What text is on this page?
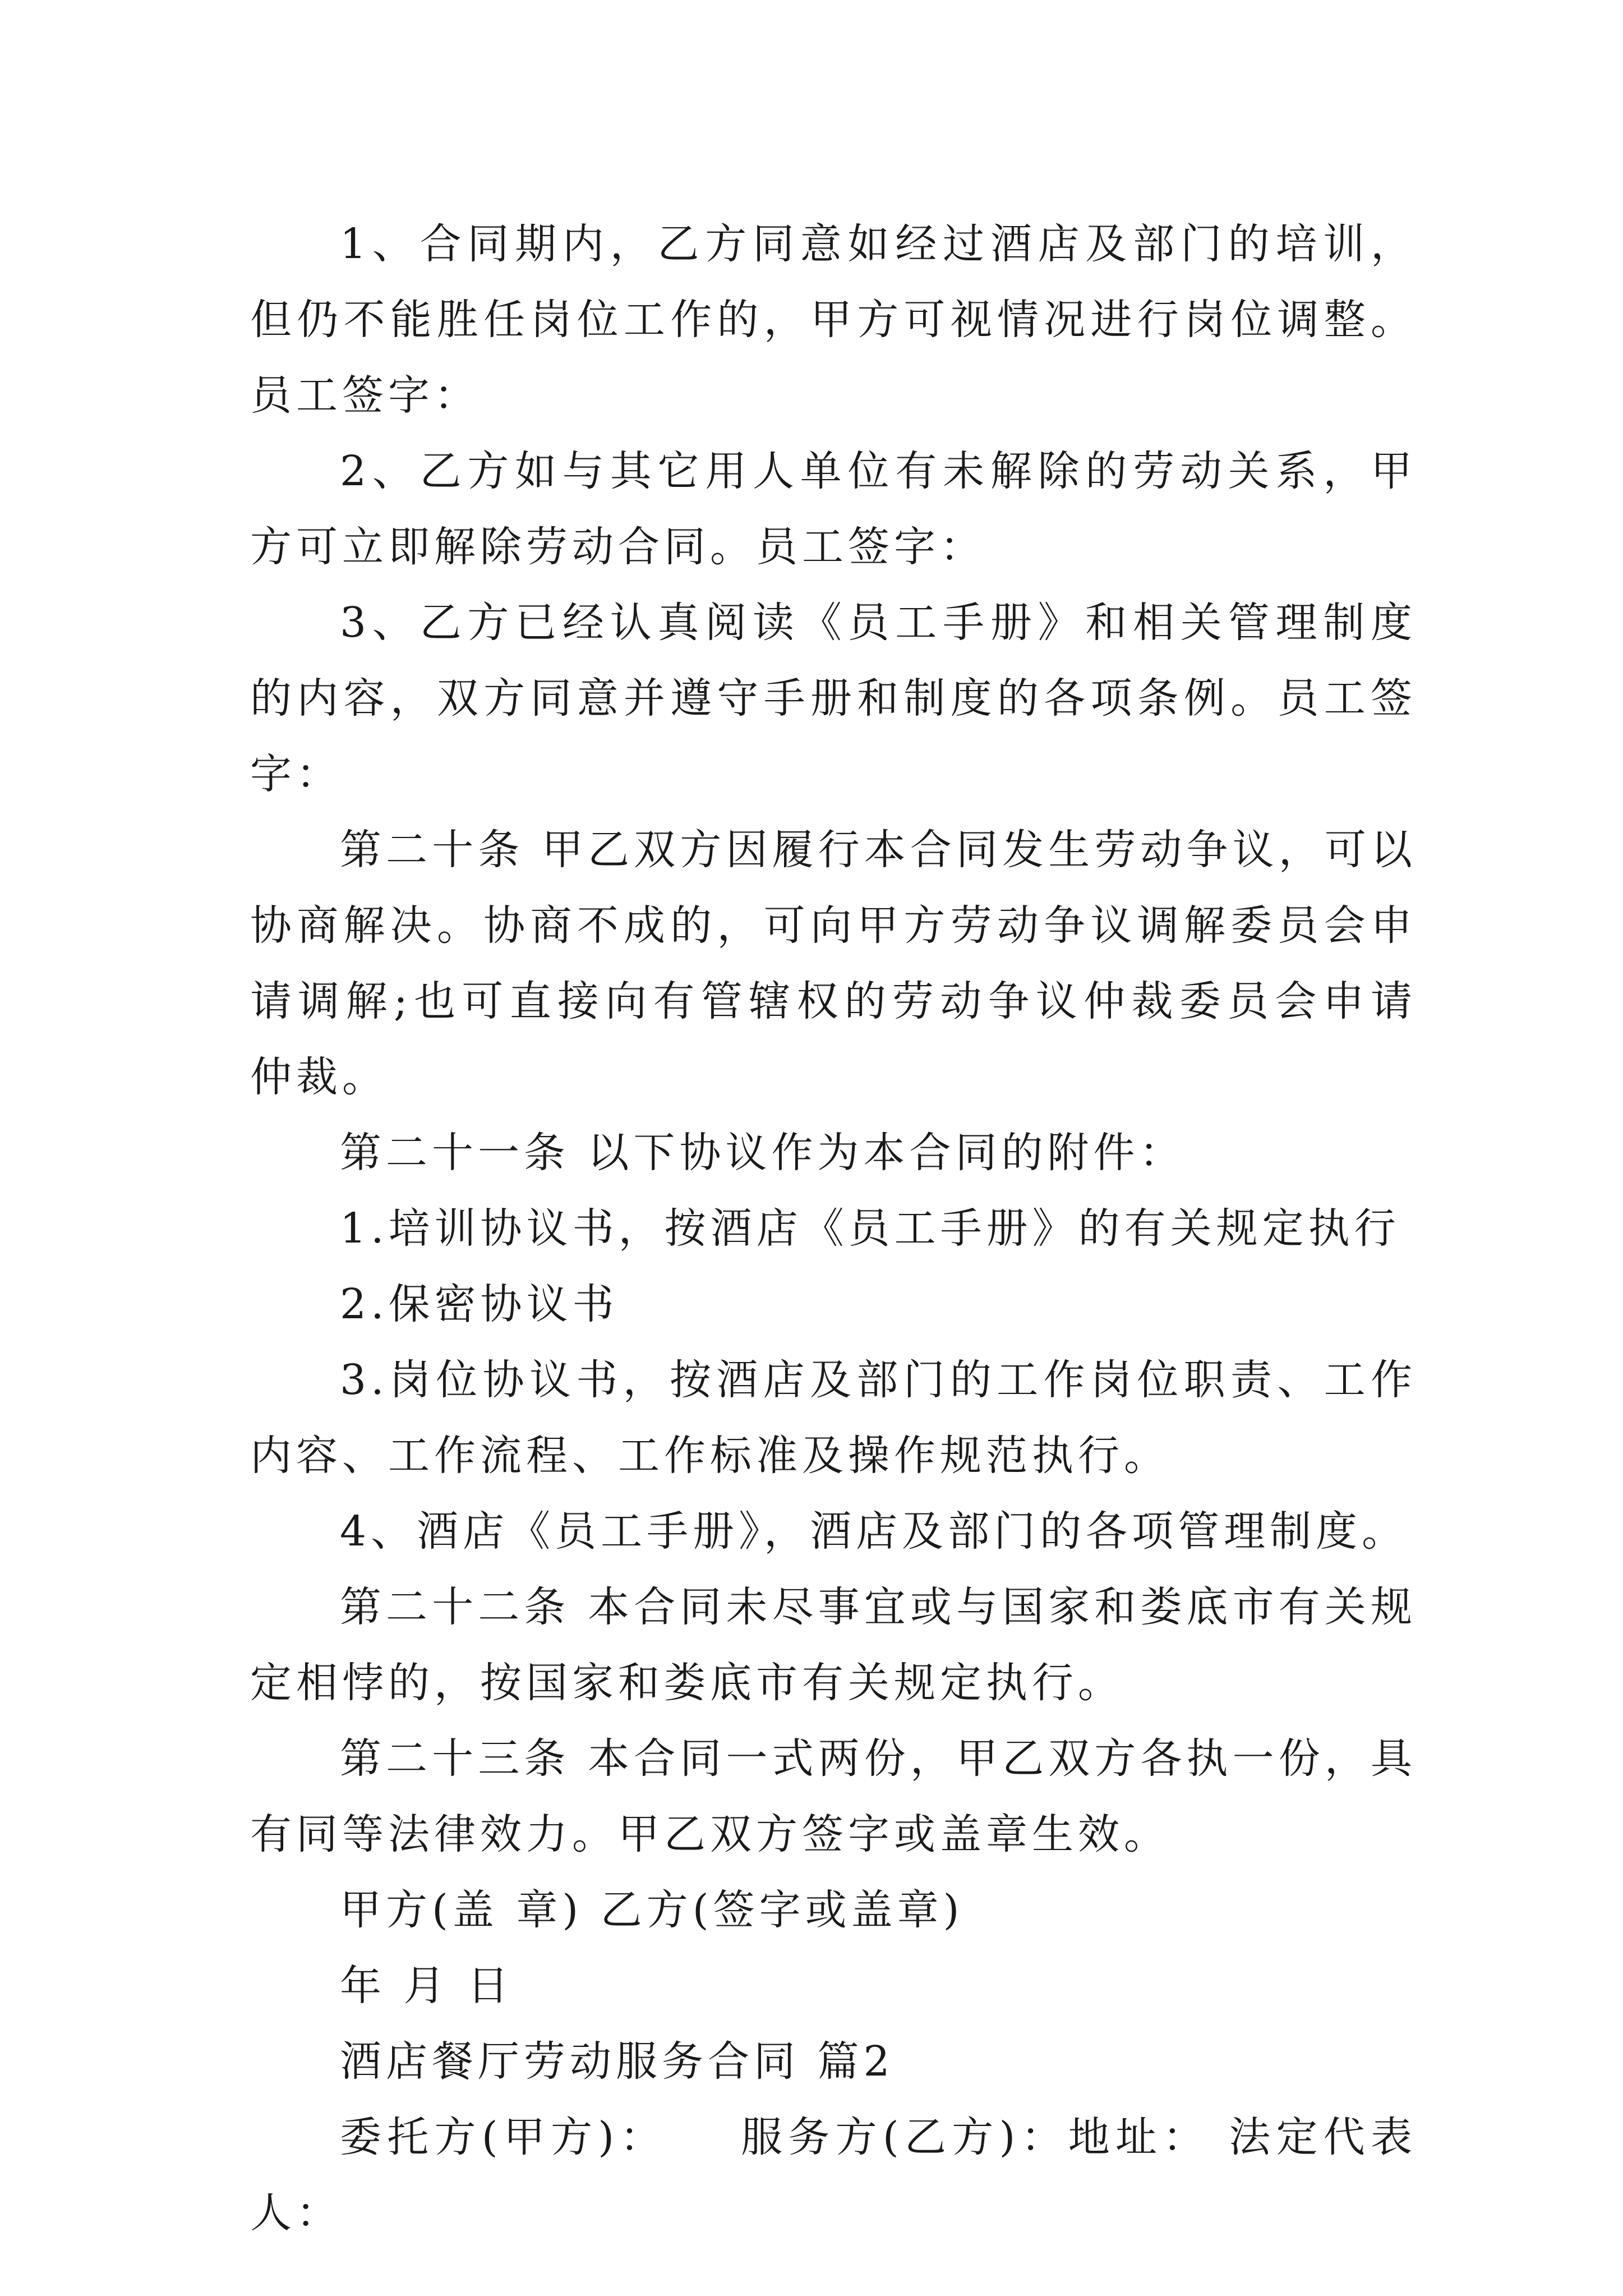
1、合同期内，乙方同意如经过酒店及部门的培训，但仍不能胜任岗位工作的，甲方可视情况进行岗位调整。员工签字：

2、乙方如与其它用人单位有未解除的劳动关系，甲方可立即解除劳动合同。员工签字：

3、乙方已经认真阅读《员工手册》和相关管理制度的内容，双方同意并遵守手册和制度的各项条例。员工签字：

第二十条 甲乙双方因履行本合同发生劳动争议，可以协商解决。协商不成的，可向甲方劳动争议调解委员会申请调解;也可直接向有管辖权的劳动争议仲裁委员会申请仲裁。

第二十一条 以下协议作为本合同的附件：

1.培训协议书，按酒店《员工手册》的有关规定执行

2.保密协议书

3.岗位协议书，按酒店及部门的工作岗位职责、工作内容、工作流程、工作标准及操作规范执行。

4、酒店《员工手册》，酒店及部门的各项管理制度。

第二十二条 本合同未尽事宜或与国家和娄底市有关规定相悖的，按国家和娄底市有关规定执行。

第二十三条 本合同一式两份，甲乙双方各执一份，具有同等法律效力。甲乙双方签字或盖章生效。

甲方(盖 章) 乙方(签字或盖章)

年 月 日

酒店餐厅劳动服务合同 篇2

委托方(甲方)：　　服务方(乙方)：地址： 法定代表人：
